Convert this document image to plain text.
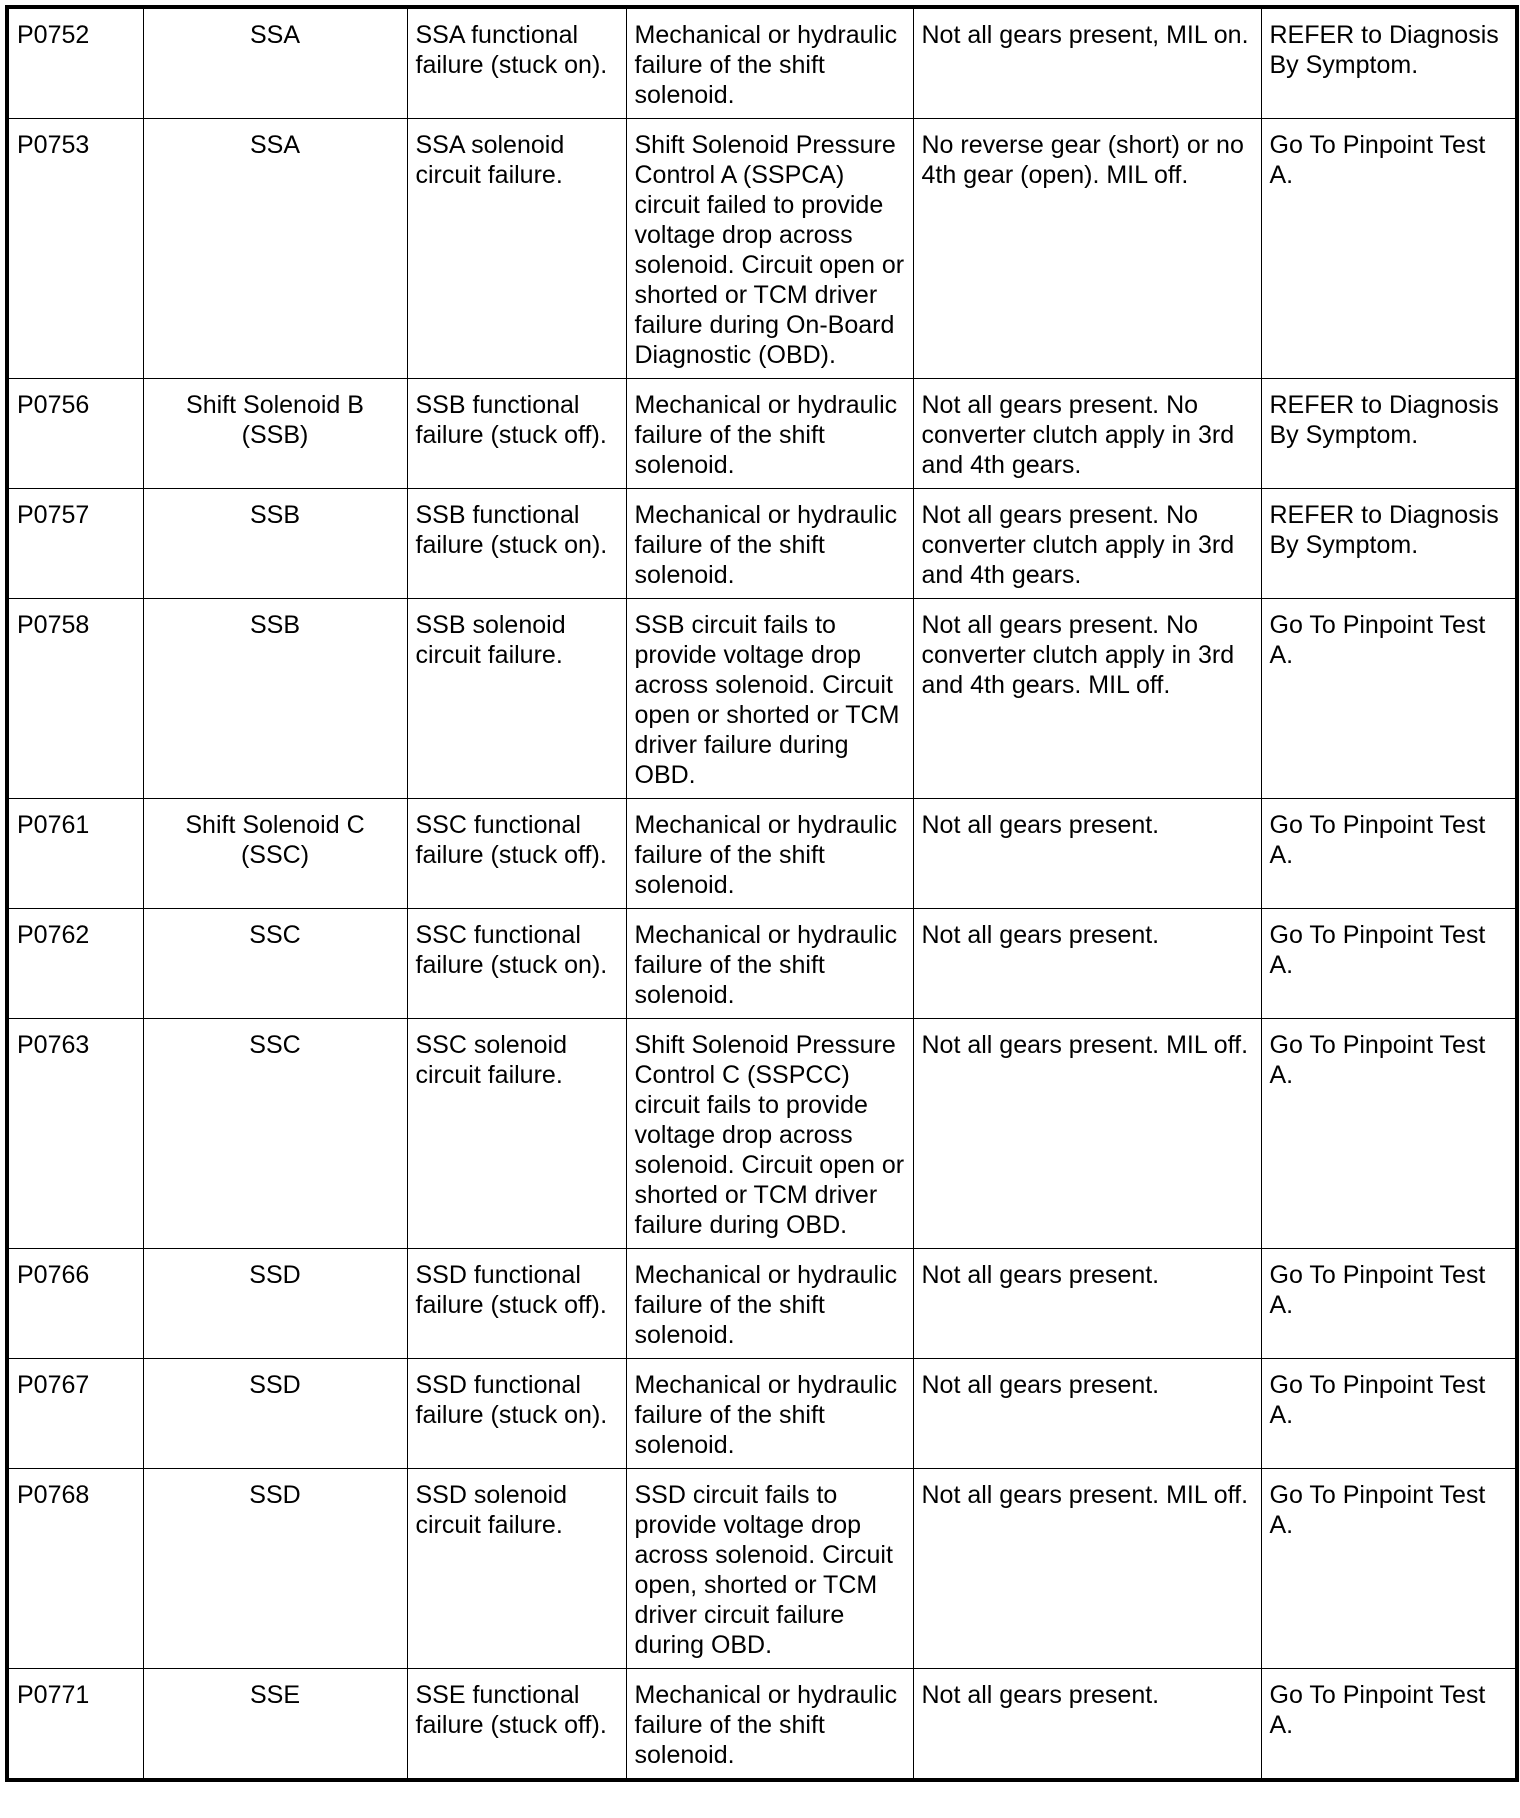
P0752	SSA	SSA functional failure (stuck on).	Mechanical or hydraulic failure of the shift solenoid.	Not all gears present, MIL on.	REFER to Diagnosis By Symptom.
P0753	SSA	SSA solenoid circuit failure.	Shift Solenoid Pressure Control A (SSPCA) circuit failed to provide voltage drop across solenoid. Circuit open or shorted or TCM driver failure during On-Board Diagnostic (OBD).	No reverse gear (short) or no 4th gear (open). MIL off.	Go To Pinpoint Test A.
P0756	Shift Solenoid B (SSB)	SSB functional failure (stuck off).	Mechanical or hydraulic failure of the shift solenoid.	Not all gears present. No converter clutch apply in 3rd and 4th gears.	REFER to Diagnosis By Symptom.
P0757	SSB	SSB functional failure (stuck on).	Mechanical or hydraulic failure of the shift solenoid.	Not all gears present. No converter clutch apply in 3rd and 4th gears.	REFER to Diagnosis By Symptom.
P0758	SSB	SSB solenoid circuit failure.	SSB circuit fails to provide voltage drop across solenoid. Circuit open or shorted or TCM driver failure during OBD.	Not all gears present. No converter clutch apply in 3rd and 4th gears. MIL off.	Go To Pinpoint Test A.
P0761	Shift Solenoid C (SSC)	SSC functional failure (stuck off).	Mechanical or hydraulic failure of the shift solenoid.	Not all gears present.	Go To Pinpoint Test A.
P0762	SSC	SSC functional failure (stuck on).	Mechanical or hydraulic failure of the shift solenoid.	Not all gears present.	Go To Pinpoint Test A.
P0763	SSC	SSC solenoid circuit failure.	Shift Solenoid Pressure Control C (SSPCC) circuit fails to provide voltage drop across solenoid. Circuit open or shorted or TCM driver failure during OBD.	Not all gears present. MIL off.	Go To Pinpoint Test A.
P0766	SSD	SSD functional failure (stuck off).	Mechanical or hydraulic failure of the shift solenoid.	Not all gears present.	Go To Pinpoint Test A.
P0767	SSD	SSD functional failure (stuck on).	Mechanical or hydraulic failure of the shift solenoid.	Not all gears present.	Go To Pinpoint Test A.
P0768	SSD	SSD solenoid circuit failure.	SSD circuit fails to provide voltage drop across solenoid. Circuit open, shorted or TCM driver circuit failure during OBD.	Not all gears present. MIL off.	Go To Pinpoint Test A.
P0771	SSE	SSE functional failure (stuck off).	Mechanical or hydraulic failure of the shift solenoid.	Not all gears present.	Go To Pinpoint Test A.
